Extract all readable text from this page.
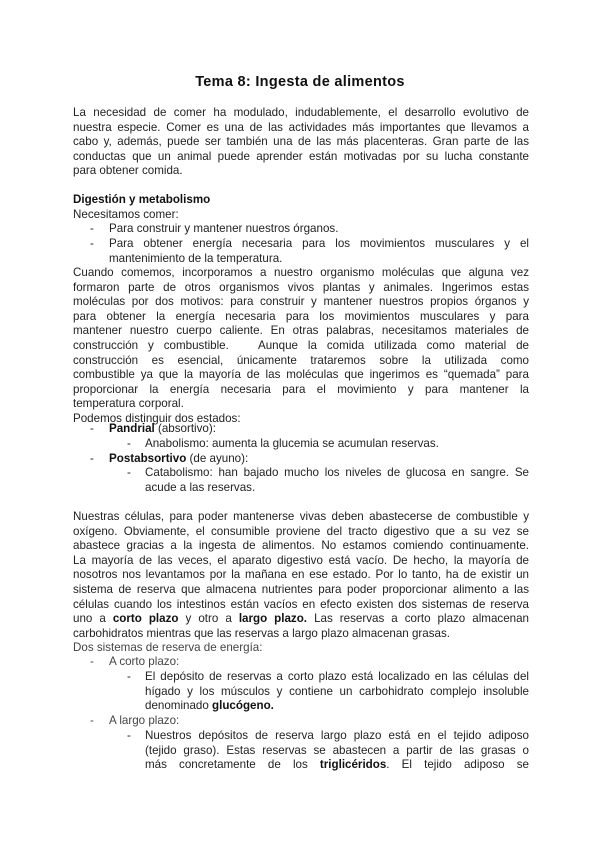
Tema 8: Ingesta de alimentos
La necesidad de comer ha modulado, indudablemente, el desarrollo evolutivo de
nuestra especie. Comer es una de las actividades más importantes que llevamos a
cabo y, además, puede ser también una de las más placenteras. Gran parte de las
conductas que un animal puede aprender están motivadas por su lucha constante
para obtener comida.
Digestión y metabolismo
Necesitamos comer:
-	Para construir y mantener nuestros órganos.
-	Para obtener energía necesaria para los movimientos musculares y el
mantenimiento de la temperatura.
Cuando comemos, incorporamos a nuestro organismo moléculas que alguna vez
formaron parte de otros organismos vivos plantas y animales. Ingerimos estas
moléculas por dos motivos: para construir y mantener nuestros propios órganos y
para obtener la energía necesaria para los movimientos musculares y para
mantener nuestro cuerpo caliente. En otras palabras, necesitamos materiales de
construcción y combustible.   Aunque la comida utilizada como material de
construcción es esencial, únicamente trataremos sobre la utilizada como
combustible ya que la mayoría de las moléculas que ingerimos es “quemada” para
proporcionar la energía necesaria para el movimiento y para mantener la
temperatura corporal.
Podemos distinguir dos estados:
-	Pandrial (absortivo):
-	Anabolismo: aumenta la glucemia se acumulan reservas.
-	Postabsortivo (de ayuno):
-	Catabolismo: han bajado mucho los niveles de glucosa en sangre. Se
acude a las reservas.
Nuestras células, para poder mantenerse vivas deben abastecerse de combustible y
oxígeno. Obviamente, el consumible proviene del tracto digestivo que a su vez se
abastece gracias a la ingesta de alimentos. No estamos comiendo continuamente.
La mayoría de las veces, el aparato digestivo está vacío. De hecho, la mayoría de
nosotros nos levantamos por la mañana en ese estado. Por lo tanto, ha de existir un
sistema de reserva que almacena nutrientes para poder proporcionar alimento a las
células cuando los intestinos están vacíos en efecto existen dos sistemas de reserva
uno a corto plazo y otro a largo plazo. Las reservas a corto plazo almacenan
carbohidratos mientras que las reservas a largo plazo almacenan grasas.
Dos sistemas de reserva de energía:
-	A corto plazo:
-	El depósito de reservas a corto plazo está localizado en las células del
hígado y los músculos y contiene un carbohidrato complejo insoluble
denominado glucógeno.
-	A largo plazo:
-	Nuestros depósitos de reserva largo plazo está en el tejido adiposo
(tejido graso). Estas reservas se abastecen a partir de las grasas o
más concretamente de los triglicéridos. El tejido adiposo se
